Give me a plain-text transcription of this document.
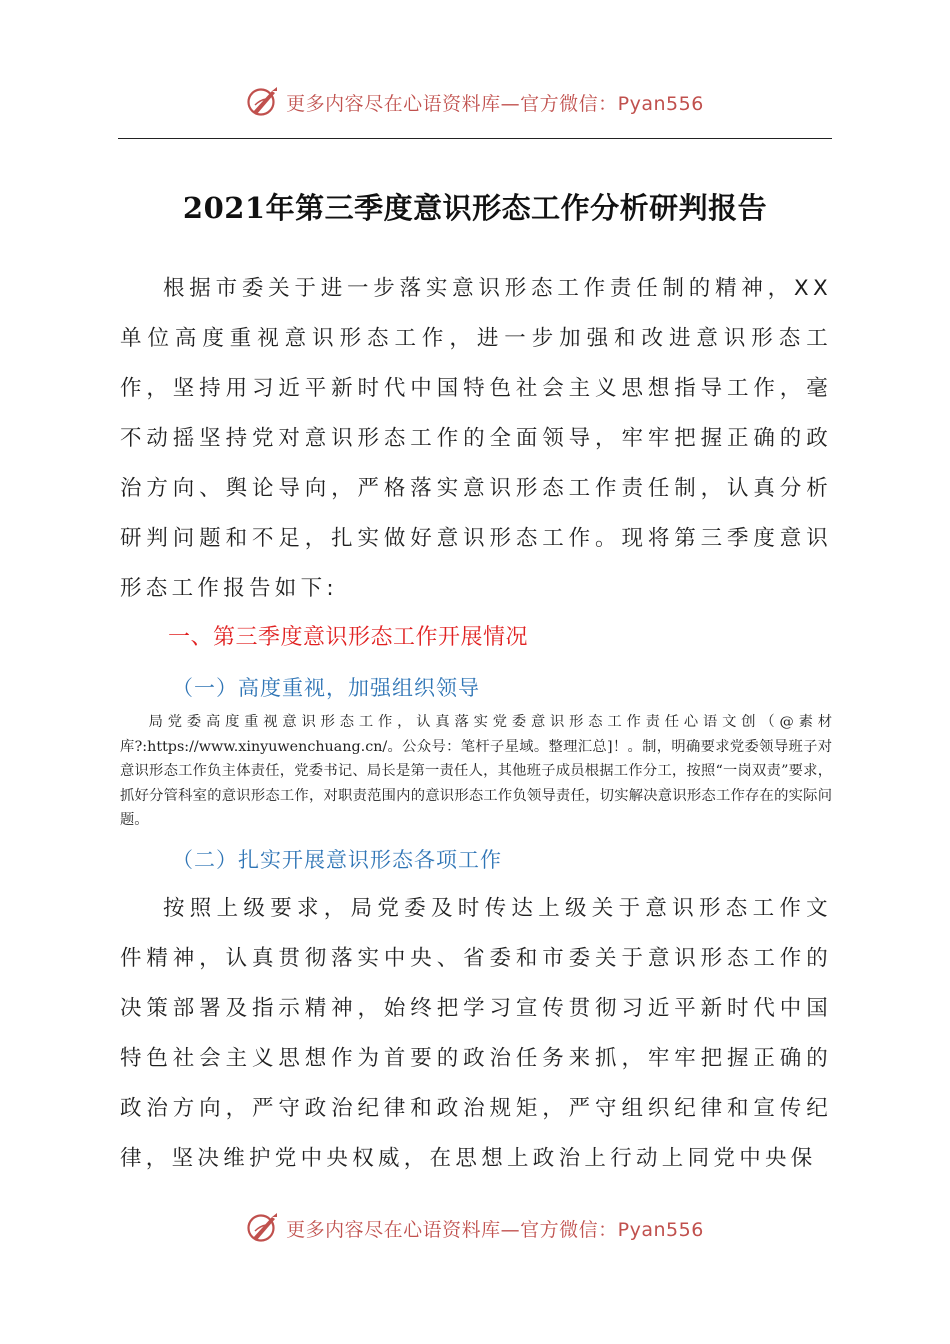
更多内容尽在心语资料库—官方微信：Pyan556
2021年第三季度意识形态工作分析研判报告

根据市委关于进一步落实意识形态工作责任制的精神，XX单位高度重视意识形态工作，进一步加强和改进意识形态工作，坚持用习近平新时代中国特色社会主义思想指导工作，毫不动摇坚持党对意识形态工作的全面领导，牢牢把握正确的政治方向、舆论导向，严格落实意识形态工作责任制，认真分析研判问题和不足，扎实做好意识形态工作。现将第三季度意识形态工作报告如下:

一、第三季度意识形态工作开展情况
（一）高度重视，加强组织领导

局党委高度重视意识形态工作，认真落实党委意识形态工作责任心语文创（@素材库?:https://www.xinyuwenchuang.cn/。公众号：笔杆子星域。整理汇总]！。制，明确要求党委领导班子对意识形态工作负主体责任，党委书记、局长是第一责任人，其他班子成员根据工作分工，按照“一岗双责”要求，抓好分管科室的意识形态工作，对职责范围内的意识形态工作负领导责任，切实解决意识形态工作存在的实际问题。

（二）扎实开展意识形态各项工作

按照上级要求，局党委及时传达上级关于意识形态工作文件精神，认真贯彻落实中央、省委和市委关于意识形态工作的决策部署及指示精神，始终把学习宣传贯彻习近平新时代中国特色社会主义思想作为首要的政治任务来抓，牢牢把握正确的政治方向，严守政治纪律和政治规矩，严守组织纪律和宣传纪律，坚决维护党中央权威，在思想上政治上行动上同党中央保

更多内容尽在心语资料库—官方微信：Pyan556
